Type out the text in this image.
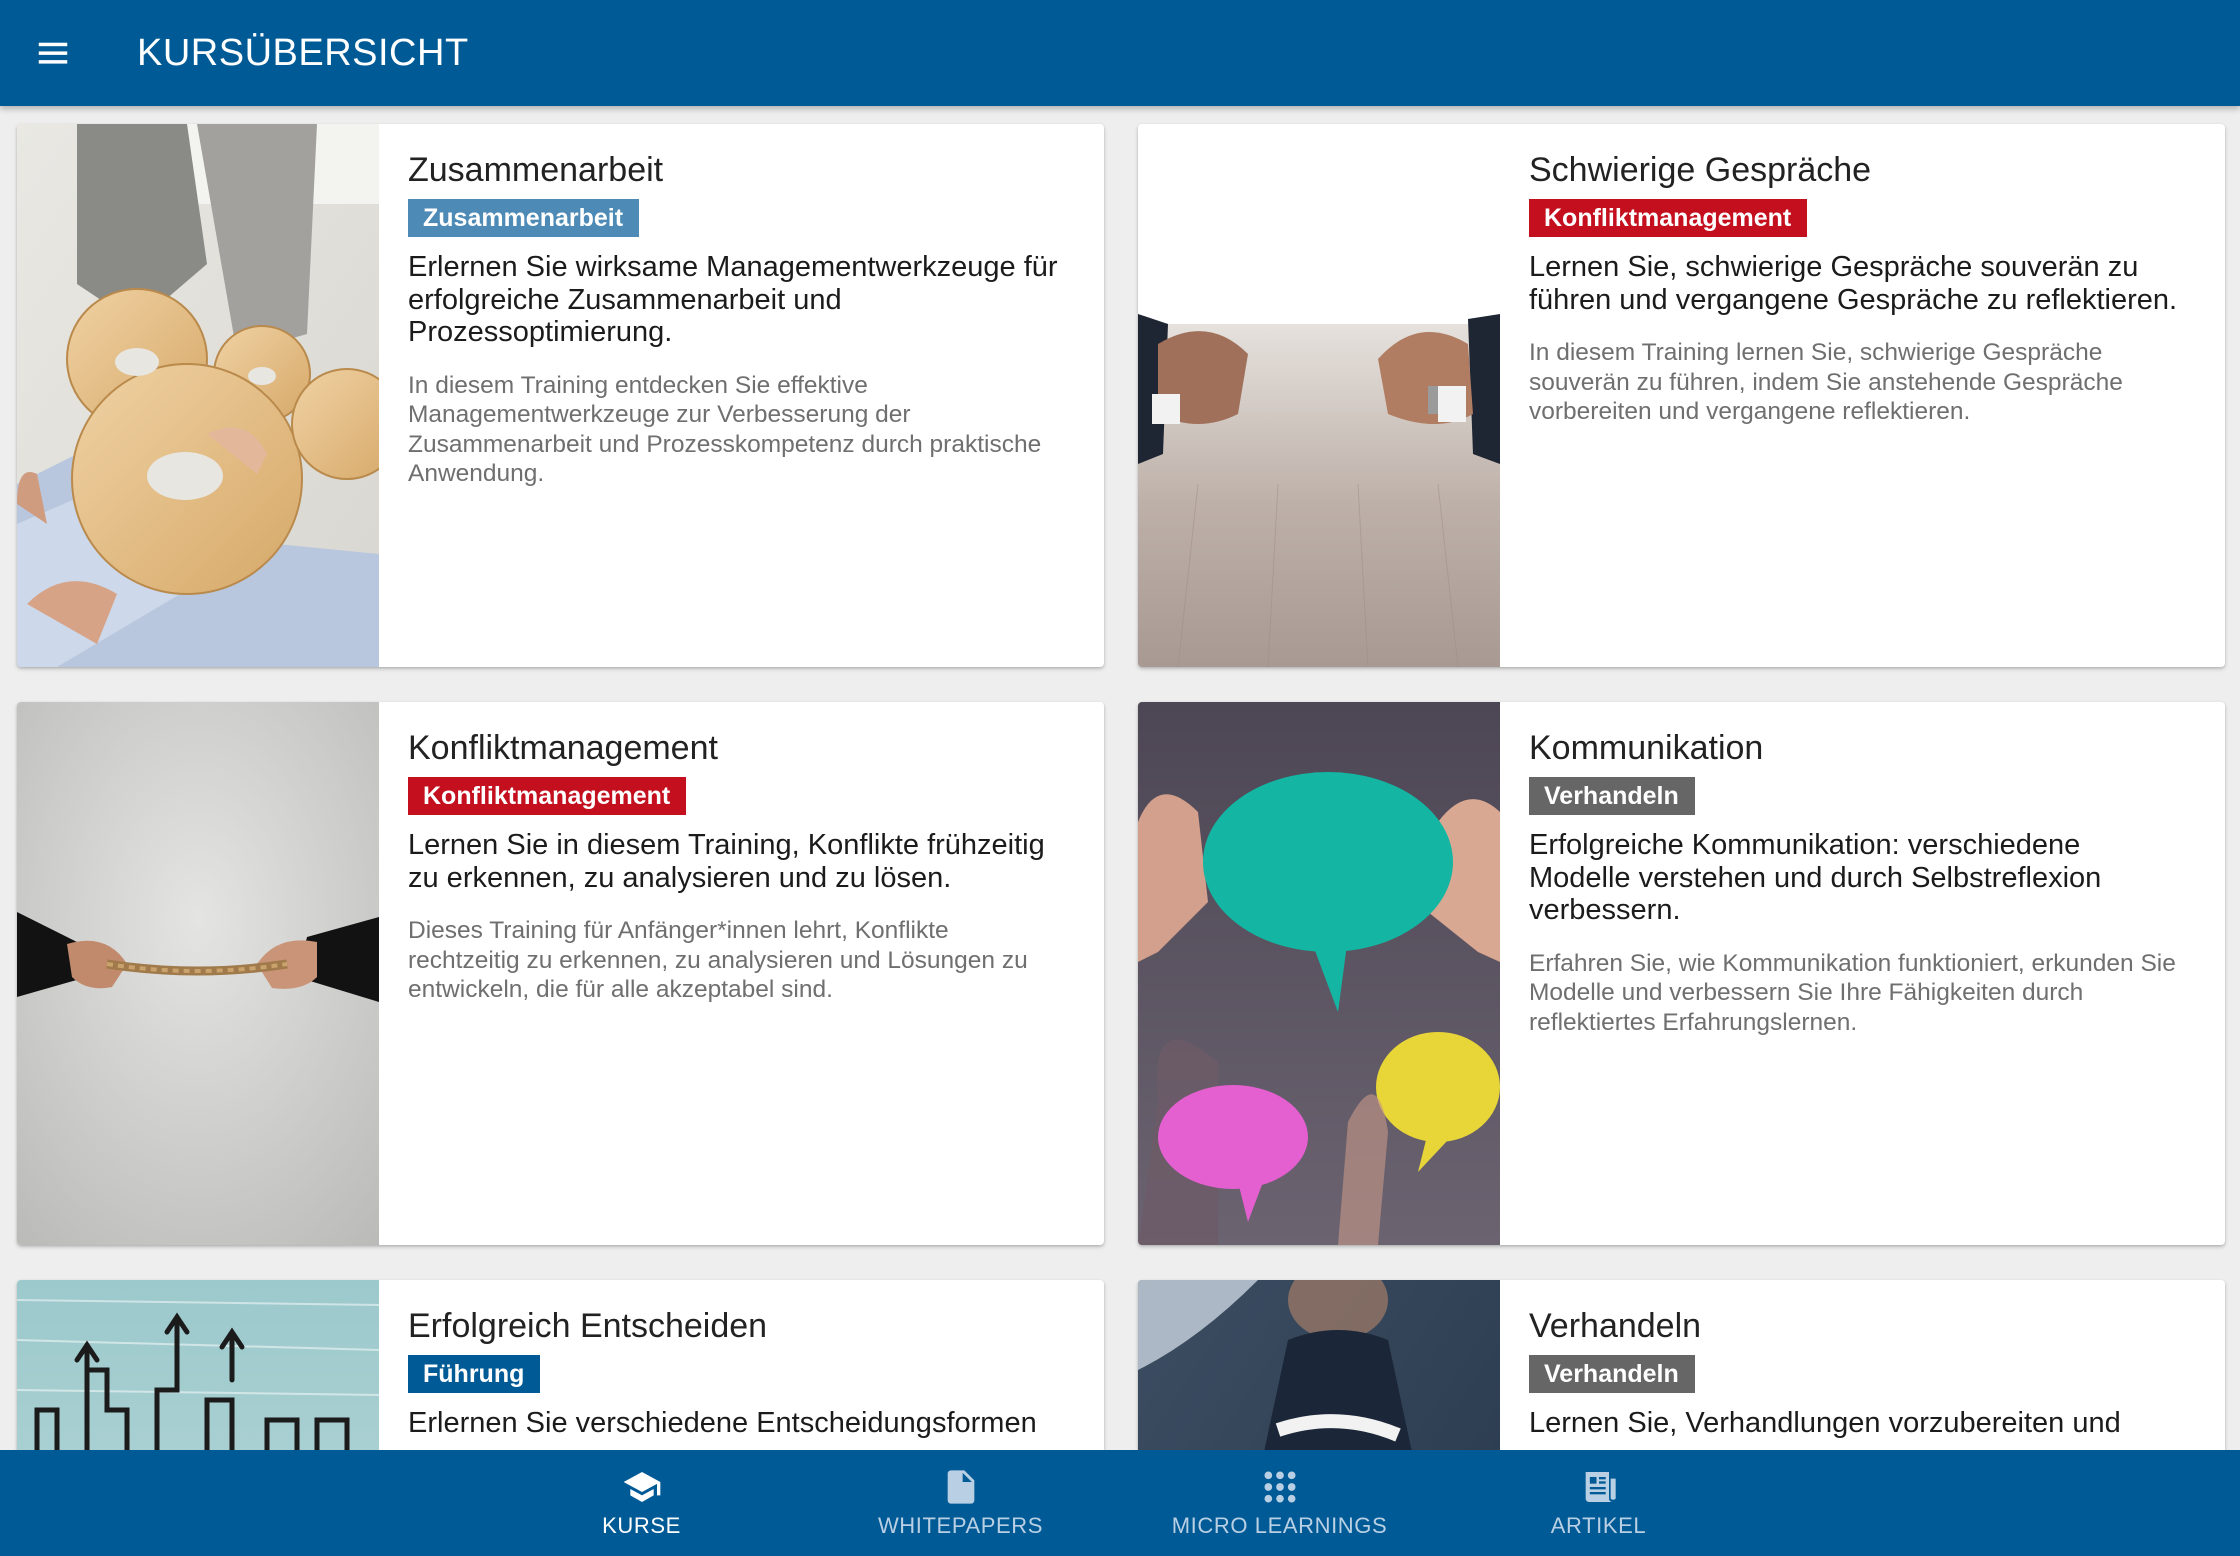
KURSÜBERSICHT
Zusammenarbeit
Zusammenarbeit
Erlernen Sie wirksame Managementwerkzeuge für erfolgreiche Zusammenarbeit und Prozessoptimierung.
In diesem Training entdecken Sie effektive Managementwerkzeuge zur Verbesserung der Zusammenarbeit und Prozesskompetenz durch praktische Anwendung.
Schwierige Gespräche
Konfliktmanagement
Lernen Sie, schwierige Gespräche souverän zu führen und vergangene Gespräche zu reflektieren.
In diesem Training lernen Sie, schwierige Gespräche souverän zu führen, indem Sie anstehende Gespräche vorbereiten und vergangene reflektieren.
Konfliktmanagement
Konfliktmanagement
Lernen Sie in diesem Training, Konflikte frühzeitig zu erkennen, zu analysieren und zu lösen.
Dieses Training für Anfänger*innen lehrt, Konflikte rechtzeitig zu erkennen, zu analysieren und Lösungen zu entwickeln, die für alle akzeptabel sind.
Kommunikation
Verhandeln
Erfolgreiche Kommunikation: verschiedene Modelle verstehen und durch Selbstreflexion verbessern.
Erfahren Sie, wie Kommunikation funktioniert, erkunden Sie Modelle und verbessern Sie Ihre Fähigkeiten durch reflektiertes Erfahrungslernen.
Erfolgreich Entscheiden
Führung
Erlernen Sie verschiedene Entscheidungsformen
Verhandeln
Verhandeln
Lernen Sie, Verhandlungen vorzubereiten und
KURSE	WHITEPAPERS	MICRO LEARNINGS	ARTIKEL
